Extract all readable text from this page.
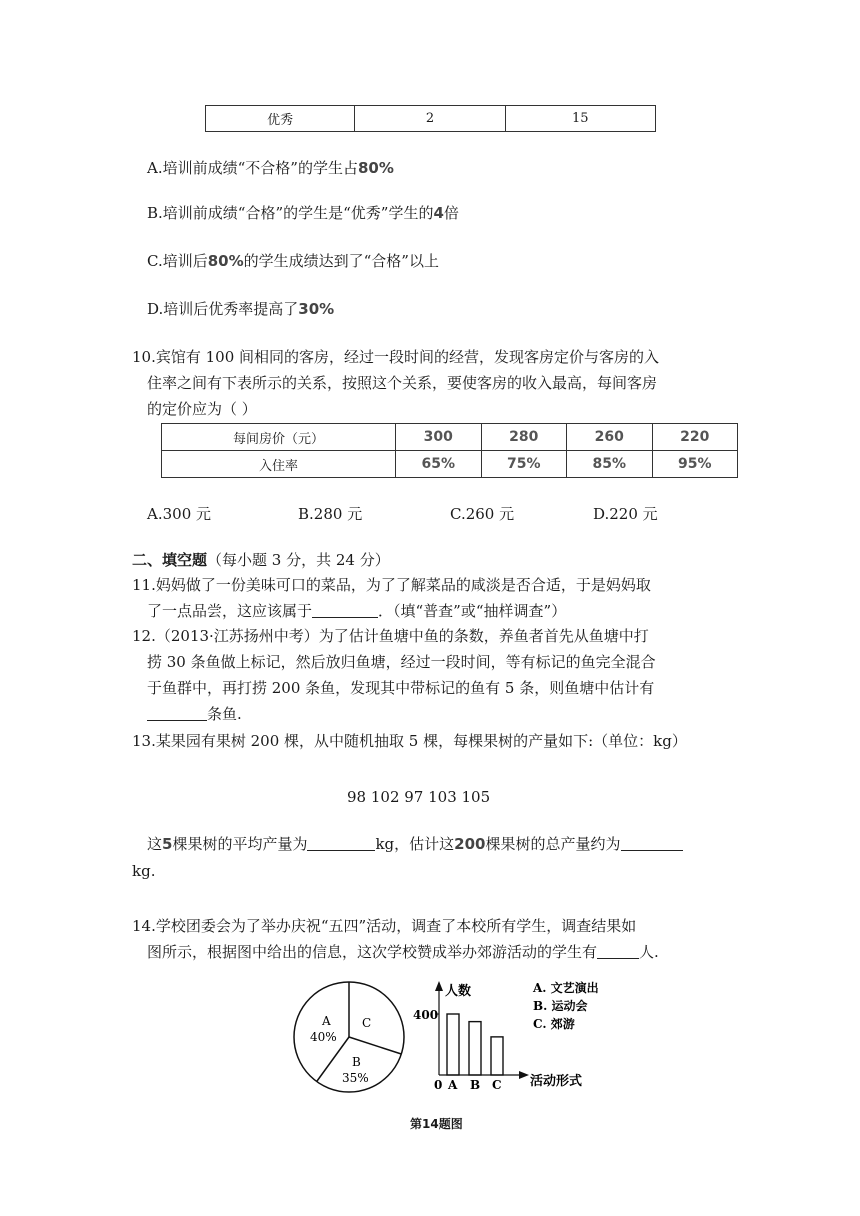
优秀	2	15
A.培训前成绩“不合格”的学生占80%
B.培训前成绩“合格”的学生是“优秀”学生的4倍
C.培训后80%的学生成绩达到了“合格”以上
D.培训后优秀率提高了30%
10.宾馆有 100 间相同的客房，经过一段时间的经营，发现客房定价与客房的入
住率之间有下表所示的关系，按照这个关系，要使客房的收入最高，每间客房
的定价应为（ ）
每间房价（元）	300	280	260	220
入住率	65%	75%	85%	95%
A.300 元	B.280 元	C.260 元	D.220 元
二、填空题（每小题 3 分，共 24 分）
11.妈妈做了一份美味可口的菜品，为了了解菜品的咸淡是否合适，于是妈妈取
了一点品尝，这应该属于	．（填“普查”或“抽样调查”）
12.（2013·江苏扬州中考）为了估计鱼塘中鱼的条数，养鱼者首先从鱼塘中打
捞 30 条鱼做上标记，然后放归鱼塘，经过一段时间，等有标记的鱼完全混合
于鱼群中，再打捞 200 条鱼，发现其中带标记的鱼有 5 条，则鱼塘中估计有
条鱼.
13.某果园有果树 200 棵，从中随机抽取 5 棵，每棵果树的产量如下:（单位：kg）
98 102 97 103 105
这5棵果树的平均产量为	kg，估计这200棵果树的总产量约为
kg.
14.学校团委会为了举办庆祝“五四”活动，调查了本校所有学生，调查结果如
图所示，根据图中给出的信息，这次学校赞成举办郊游活动的学生有	人.
A
40%
C
B
35%
人数
400
0	活动形式
A B C
A. 文艺演出
B. 运动会
C. 郊游
第14题图
